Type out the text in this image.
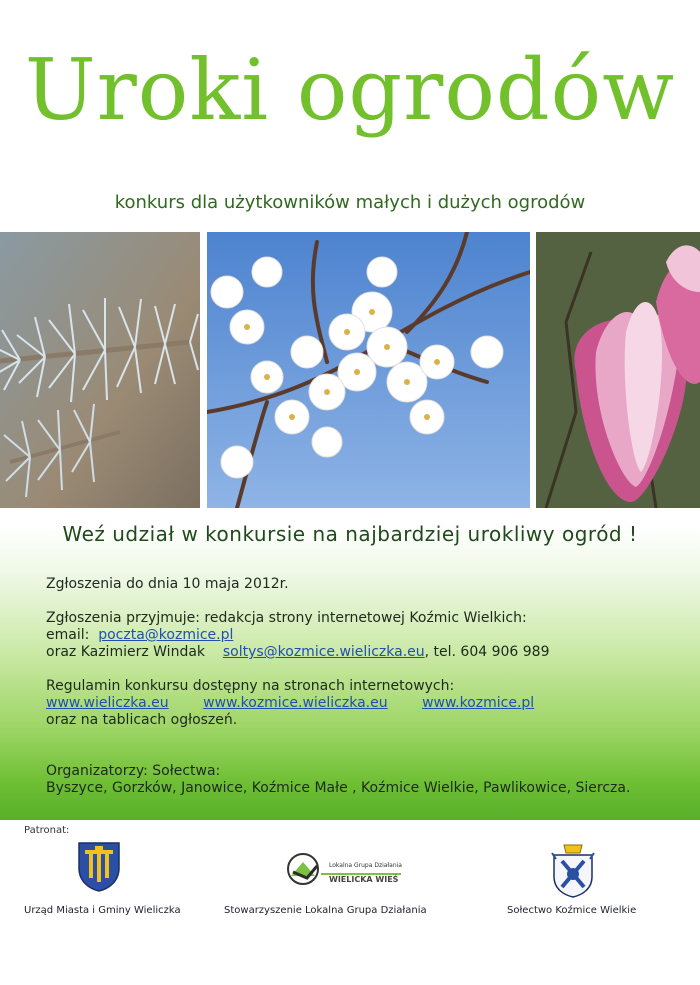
Uroki ogrodów
konkurs dla użytkowników małych i dużych ogrodów
Weź udział w konkursie na najbardziej urokliwy ogród !
Zgłoszenia do dnia 10 maja 2012r.
Zgłoszenia przyjmuje: redakcja strony internetowej Koźmic Wielkich:
email: poczta@kozmice.pl
oraz Kazimierz Windak soltys@kozmice.wieliczka.eu, tel. 604 906 989
Regulamin konkursu dostępny na stronach internetowych:
www.wieliczka.eu www.kozmice.wieliczka.eu www.kozmice.pl
oraz na tablicach ogłoszeń.
Organizatorzy: Sołectwa:
Byszyce, Gorzków, Janowice, Koźmice Małe , Koźmice Wielkie, Pawlikowice, Siercza.
Patronat:
Urząd Miasta i Gminy Wieliczka
Lokalna Grupa Działania
WIELICKA WIEŚ
Stowarzyszenie Lokalna Grupa Działania	Sołectwo Koźmice Wielkie
